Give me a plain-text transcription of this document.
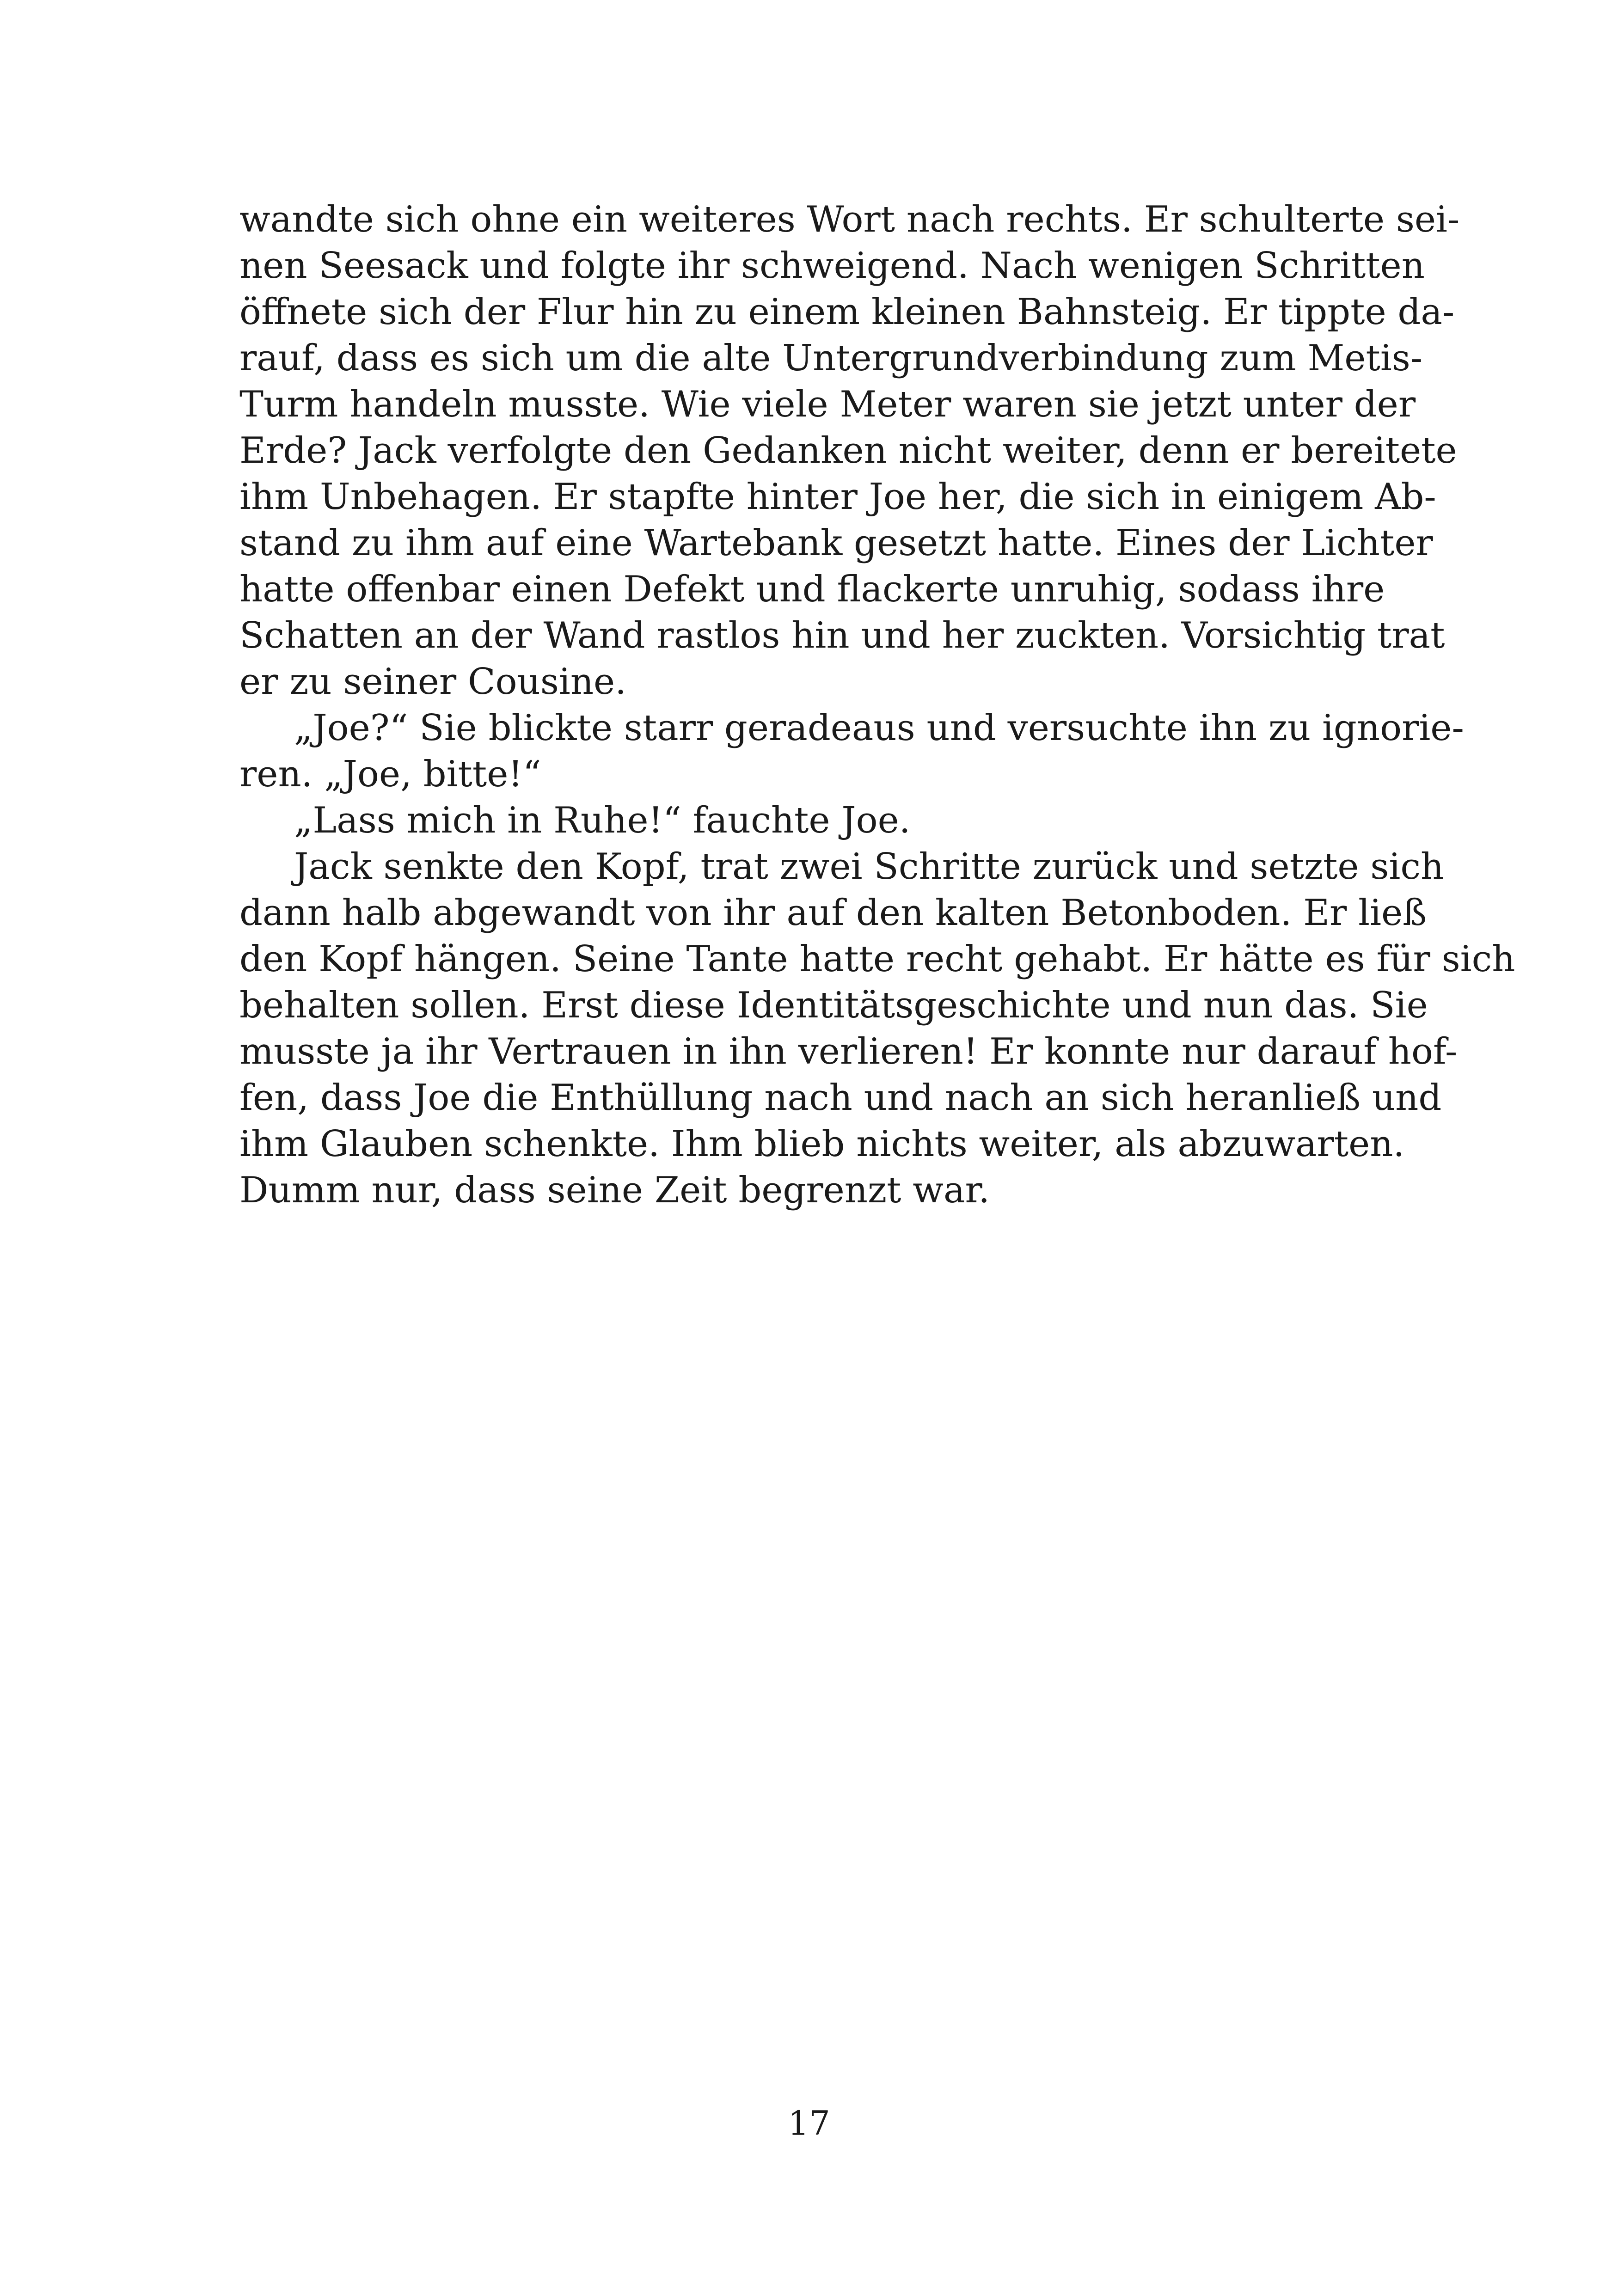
wandte sich ohne ein weiteres Wort nach rechts. Er schulterte sei-
nen Seesack und folgte ihr schweigend. Nach wenigen Schritten
öffnete sich der Flur hin zu einem kleinen Bahnsteig. Er tippte da-
rauf, dass es sich um die alte Untergrundverbindung zum Metis-
Turm handeln musste. Wie viele Meter waren sie jetzt unter der
Erde? Jack verfolgte den Gedanken nicht weiter, denn er bereitete
ihm Unbehagen. Er stapfte hinter Joe her, die sich in einigem Ab-
stand zu ihm auf eine Wartebank gesetzt hatte. Eines der Lichter
hatte offenbar einen Defekt und flackerte unruhig, sodass ihre
Schatten an der Wand rastlos hin und her zuckten. Vorsichtig trat
er zu seiner Cousine.
„Joe?“ Sie blickte starr geradeaus und versuchte ihn zu ignorie-
ren. „Joe, bitte!“
„Lass mich in Ruhe!“ fauchte Joe.
Jack senkte den Kopf, trat zwei Schritte zurück und setzte sich
dann halb abgewandt von ihr auf den kalten Betonboden. Er ließ
den Kopf hängen. Seine Tante hatte recht gehabt. Er hätte es für sich
behalten sollen. Erst diese Identitätsgeschichte und nun das. Sie
musste ja ihr Vertrauen in ihn verlieren! Er konnte nur darauf hof-
fen, dass Joe die Enthüllung nach und nach an sich heranließ und
ihm Glauben schenkte. Ihm blieb nichts weiter, als abzuwarten.
Dumm nur, dass seine Zeit begrenzt war.
17
